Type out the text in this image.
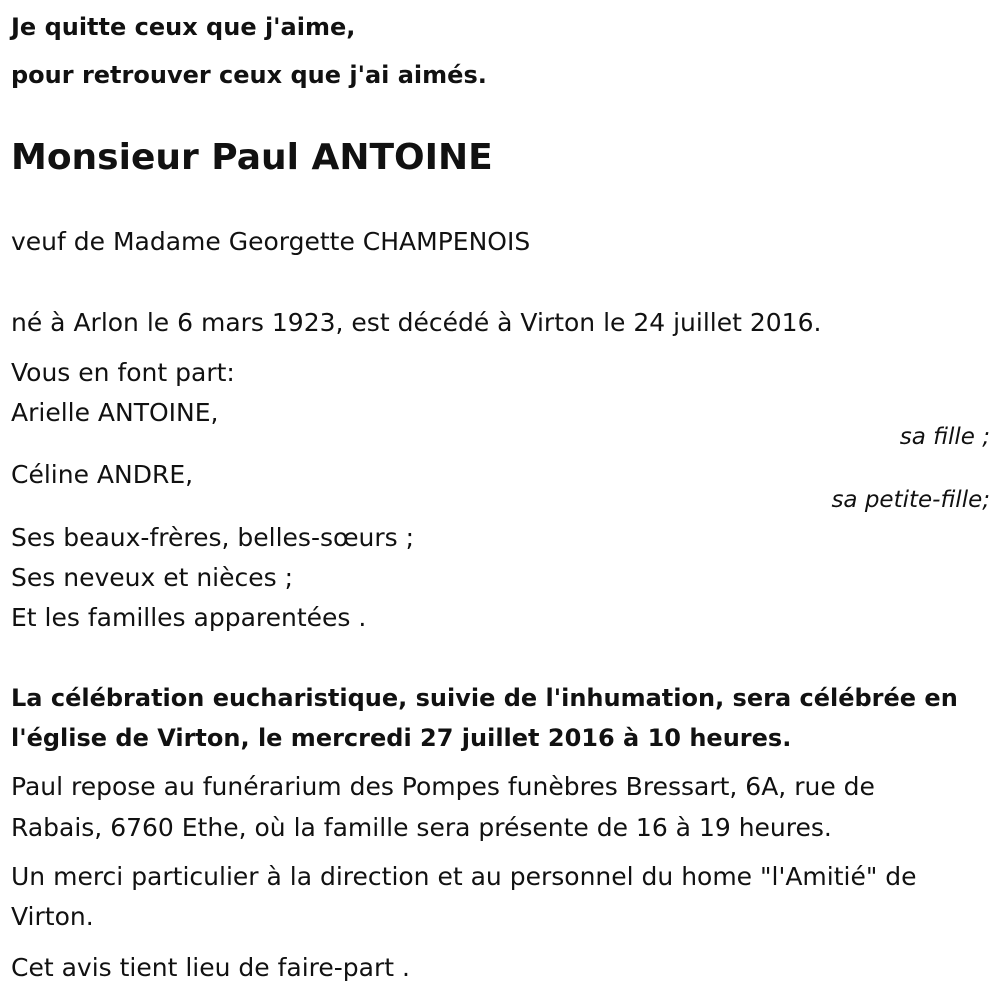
Je quitte ceux que j'aime,
pour retrouver ceux que j'ai aimés.
Monsieur Paul ANTOINE
veuf de Madame Georgette CHAMPENOIS
né à Arlon le 6 mars 1923, est décédé à Virton le 24 juillet 2016.
Vous en font part:
Arielle ANTOINE,
sa fille ;
Céline ANDRE,
sa petite-fille;
Ses beaux-frères, belles-sœurs ;
Ses neveux et nièces ;
Et les familles apparentées .
La célébration eucharistique, suivie de l'inhumation, sera célébrée en
l'église de Virton, le mercredi 27 juillet 2016 à 10 heures.
Paul repose au funérarium des Pompes funèbres Bressart, 6A, rue de
Rabais, 6760 Ethe, où la famille sera présente de 16 à 19 heures.
Un merci particulier à la direction et au personnel du home "l'Amitié" de
Virton.
Cet avis tient lieu de faire-part .
